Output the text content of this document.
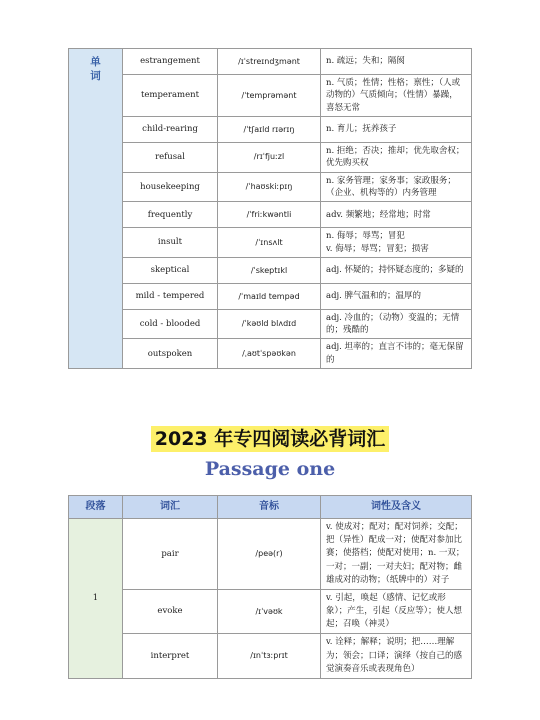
单
词	estrangement	/ɪˈstreɪndʒmənt	n. 疏远；失和；隔阂
	temperament	/ˈtemprəmənt	n. 气质；性情；性格；禀性；（人或动物的）气质倾向；（性情）暴躁，喜怒无常
	child-rearing	/ˈtʃaɪld rɪərɪŋ	n. 育儿；抚养孩子
	refusal	/rɪˈfjuːzl	n. 拒绝；否决；推却；优先取舍权；优先购买权
	housekeeping	/ˈhaʊskiːpɪŋ	n. 家务管理；家务事；家政服务；（企业、机构等的）内务管理
	frequently	/ˈfriːkwəntli	adv. 频繁地；经常地；时常
	insult	/ˈɪnsʌlt	n. 侮辱；辱骂；冒犯
v. 侮辱；辱骂；冒犯；损害
	skeptical	/ˈskeptɪkl	adj. 怀疑的；持怀疑态度的；多疑的
	mild - tempered	/ˈmaɪld tempəd	adj. 脾气温和的；温厚的
	cold - blooded	/ˈkəʊld blʌdɪd	adj. 冷血的；（动物）变温的；无情的；残酷的
	outspoken	/ˌaʊtˈspəʊkən	adj. 坦率的；直言不讳的；毫无保留的
2023 年专四阅读必背词汇
Passage one
段落	词汇	音标	词性及含义
1	pair	/peə(r)	v. 使成对；配对；配对饲养；交配；把（异性）配成一对；使配对参加比赛；使搭档；使配对使用；n. 一双；一对；一副；一对夫妇；配对物；雌雄成对的动物；（纸牌中的）对子
	evoke	/ɪˈvəʊk	v. 引起，唤起（感情、记忆或形象）；产生，引起（反应等）；使人想起；召唤（神灵）
	interpret	/ɪnˈtɜːprɪt	v. 诠释；解释；说明；把……理解为；领会；口译；演绎（按自己的感觉演奏音乐或表现角色）
